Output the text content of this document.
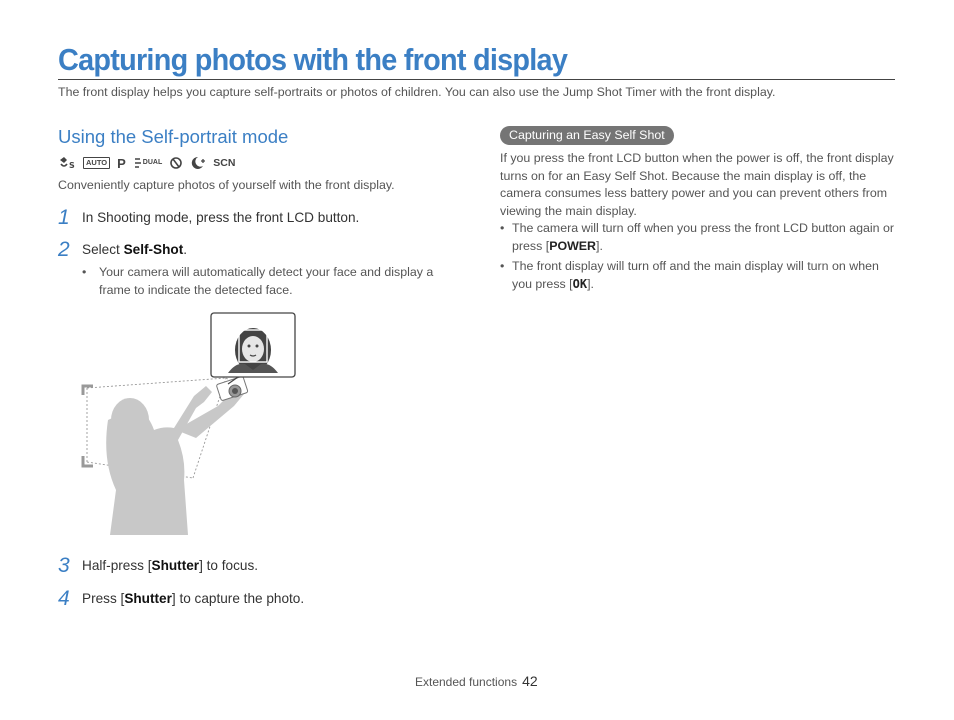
Capturing photos with the front display
The front display helps you capture self-portraits or photos of children. You can also use the Jump Shot Timer with the front display.
Using the Self-portrait mode
S	AUTO P DUAL	SCN
Conveniently capture photos of yourself with the front display.
1 In Shooting mode, press the front LCD button.
2 Select Self-Shot.
• Your camera will automatically detect your face and display a frame to indicate the detected face.
3 Half-press [Shutter] to focus.
4 Press [Shutter] to capture the photo.
Capturing an Easy Self Shot
If you press the front LCD button when the power is off, the front display turns on for an Easy Self Shot. Because the main display is off, the camera consumes less battery power and you can prevent others from viewing the main display.
• The camera will turn off when you press the front LCD button again or press [POWER].
• The front display will turn off and the main display will turn on when you press [OK].
Extended functions 42
